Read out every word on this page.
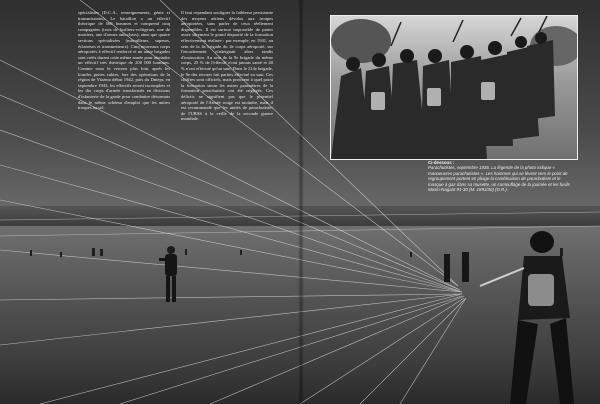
spécialistes (D.C.A., renseignements, génie et transmissions). Le bataillon a un effectif théorique de 566 hommes et comprend cinq compagnies (trois de fusiliers-voltigeurs, une de mortiers, une d'armes anti-chars), ainsi que quatre sections spécialisées (mitrailleurs, sapeurs, éclaireurs et transmetteurs). Cinq nouveaux corps aéroportés à effectif renforcé et un autre brigades sont créés durant cette même année pour atteindre un effectif très théorique de 200 000 hommes. Comme nous le verrons plus loin, après les lourdes pertes subies, lors des opérations de la région de Viazma début 1942, puis du Dniepr, en septembre 1943, les effectifs seront incomplets et les dix corps d'armée transformés en divisions d'infanterie de la garde pour combattre désormais dans le même schéma d'emploi que les autres troupes au sol.
Il faut cependant souligner la faiblesse persistante des moyens aériens dévolus aux troupes aéroportées, sans parler de ceux réellement disponibles. Il est surtout impossible de parier assez sûrement le grand disparité de la formation effectivement réalisée : par exemple, en 1941, au sein de la 4e brigade du 4e corps aéroporté, sur l'encadrement n'atteignait alors tandis d'instruction. Au sein de la 9e brigade du même corps, 25 % de l'effectif n'ont jamais sauté et 40 % n'ont effectué qu'un saut. Dans le 214e brigade, le 9e des recrues fait parties effectué au saut. Ces chiffres sont officiels, mais prouvent à quel point la formation sinon les autres paramètres de la formation parachutiste ont été négligés. Ces déficits ne signifient pas que le potentiel aéroporté de l'Armée rouge est moindre, mais il est recommandé que les unités de parachutistes de l'URSS à la veille de la seconde guerre mondiale.
Ci-dessous :
Parachutistes, septembre 1936. La légende de la photo indique « manoeuvres parachutistes ». Les hommes qui se lèvent vers le point de regroupement portent en pliage la combinaison de parachutiste et le masque à gaz dans sa musette, un camouflage de la journée et les fusils Mosin-Nagant 91-30 (M. 1891/30) (D.R.).
